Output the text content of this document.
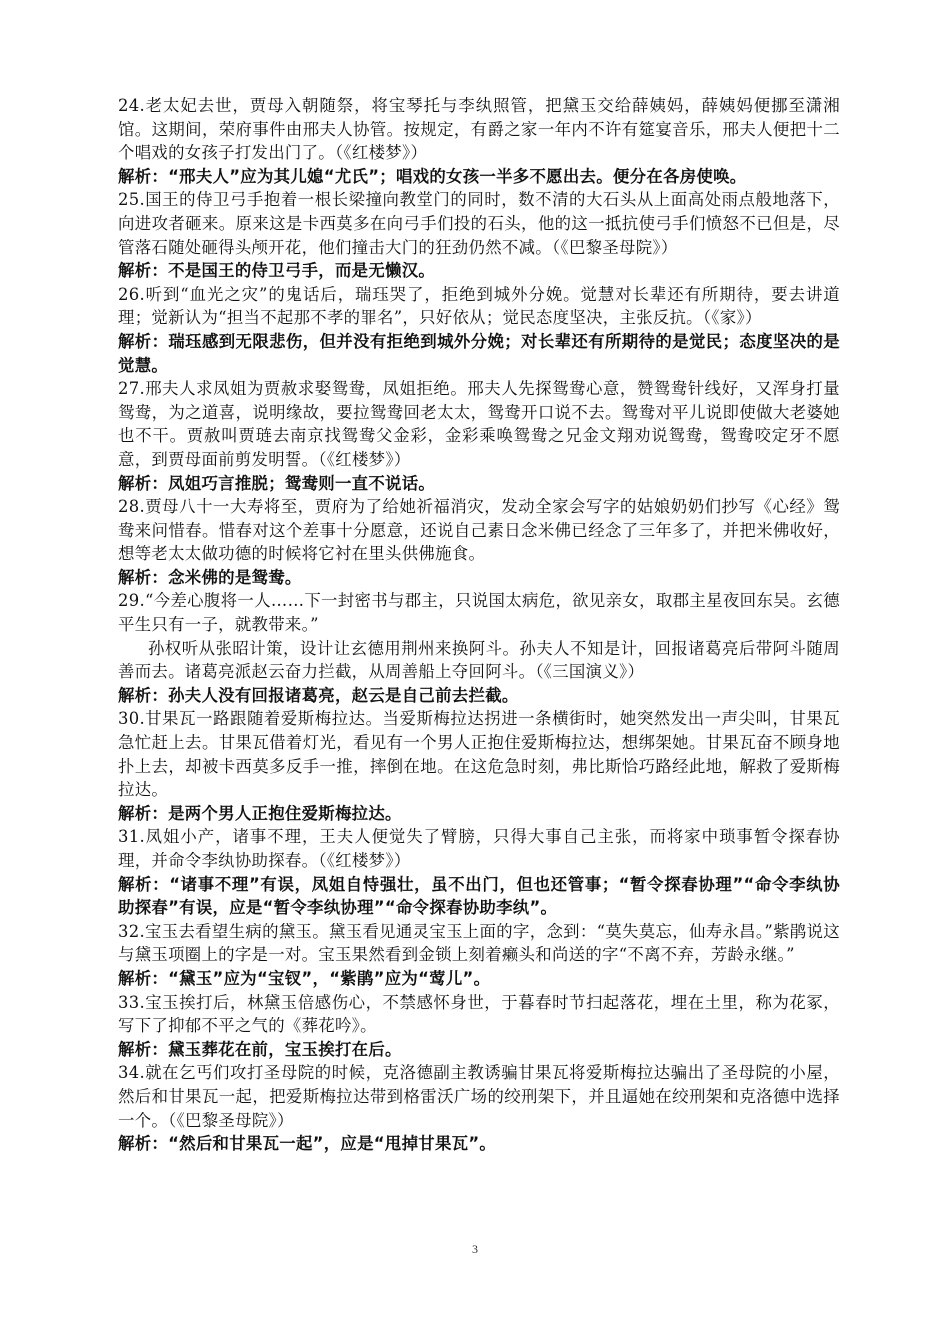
24.老太妃去世，贾母入朝随祭，将宝琴托与李纨照管，把黛玉交给薛姨妈，薛姨妈便挪至潇湘馆。这期间，荣府事件由邢夫人协管。按规定，有爵之家一年内不许有筵宴音乐，邢夫人便把十二个唱戏的女孩子打发出门了。（《红楼梦》）

解析：“邢夫人”应为其儿媳“尤氏”；唱戏的女孩一半多不愿出去。便分在各房使唤。

25.国王的侍卫弓手抱着一根长梁撞向教堂门的同时，数不清的大石头从上面高处雨点般地落下，向进攻者砸来。原来这是卡西莫多在向弓手们投的石头，他的这一抵抗使弓手们愤怒不已但是，尽管落石随处砸得头颅开花，他们撞击大门的狂劲仍然不减。（《巴黎圣母院》）

解析：不是国王的侍卫弓手，而是无懒汉。

26.听到“血光之灾”的鬼话后，瑞珏哭了，拒绝到城外分娩。觉慧对长辈还有所期待，要去讲道理；觉新认为“担当不起那不孝的罪名”，只好依从；觉民态度坚决，主张反抗。（《家》）

解析：瑞珏感到无限悲伤，但并没有拒绝到城外分娩；对长辈还有所期待的是觉民；态度坚决的是觉慧。

27.邢夫人求凤姐为贾赦求娶鸳鸯，凤姐拒绝。邢夫人先探鸳鸯心意，赞鸳鸯针线好，又浑身打量鸳鸯，为之道喜，说明缘故，要拉鸳鸯回老太太，鸳鸯开口说不去。鸳鸯对平儿说即使做大老婆她也不干。贾赦叫贾琏去南京找鸳鸯父金彩，金彩乘唤鸳鸯之兄金文翔劝说鸳鸯，鸳鸯咬定牙不愿意，到贾母面前剪发明誓。（《红楼梦》）

解析：凤姐巧言推脱；鸳鸯则一直不说话。

28.贾母八十一大寿将至，贾府为了给她祈福消灾，发动全家会写字的姑娘奶奶们抄写《心经》鸳鸯来问惜春。惜春对这个差事十分愿意，还说自己素日念米佛已经念了三年多了，并把米佛收好，想等老太太做功德的时候将它衬在里头供佛施食。

解析：念米佛的是鸳鸯。

29.“今差心腹将一人……下一封密书与郡主，只说国太病危，欲见亲女，取郡主星夜回东吴。玄德平生只有一子，就教带来。”

孙权听从张昭计策，设计让玄德用荆州来换阿斗。孙夫人不知是计，回报诸葛亮后带阿斗随周善而去。诸葛亮派赵云奋力拦截，从周善船上夺回阿斗。（《三国演义》）

解析：孙夫人没有回报诸葛亮，赵云是自己前去拦截。

30.甘果瓦一路跟随着爱斯梅拉达。当爱斯梅拉达拐进一条横街时，她突然发出一声尖叫，甘果瓦急忙赶上去。甘果瓦借着灯光，看见有一个男人正抱住爱斯梅拉达，想绑架她。甘果瓦奋不顾身地扑上去，却被卡西莫多反手一推，摔倒在地。在这危急时刻，弗比斯恰巧路经此地，解救了爱斯梅拉达。

解析：是两个男人正抱住爱斯梅拉达。

31.凤姐小产，诸事不理，王夫人便觉失了臂膀，只得大事自己主张，而将家中琐事暂令探春协理，并命令李纨协助探春。（《红楼梦》）

解析：“诸事不理”有误，凤姐自恃强壮，虽不出门，但也还管事；“暂令探春协理”“命令李纨协助探春”有误，应是“暂令李纨协理”“命令探春协助李纨”。

32.宝玉去看望生病的黛玉。黛玉看见通灵宝玉上面的字，念到：“莫失莫忘，仙寿永昌。”紫鹃说这与黛玉项圈上的字是一对。宝玉果然看到金锁上刻着癞头和尚送的字“不离不弃，芳龄永继。”

解析：“黛玉”应为“宝钗”，“紫鹃”应为“莺儿”。

33.宝玉挨打后，林黛玉倍感伤心，不禁感怀身世，于暮春时节扫起落花，埋在土里，称为花冢，写下了抑郁不平之气的《葬花吟》。

解析：黛玉葬花在前，宝玉挨打在后。

34.就在乞丐们攻打圣母院的时候，克洛德副主教诱骗甘果瓦将爱斯梅拉达骗出了圣母院的小屋，然后和甘果瓦一起，把爱斯梅拉达带到格雷沃广场的绞刑架下，并且逼她在绞刑架和克洛德中选择一个。（《巴黎圣母院》）

解析：“然后和甘果瓦一起”，应是“甩掉甘果瓦”。

3
